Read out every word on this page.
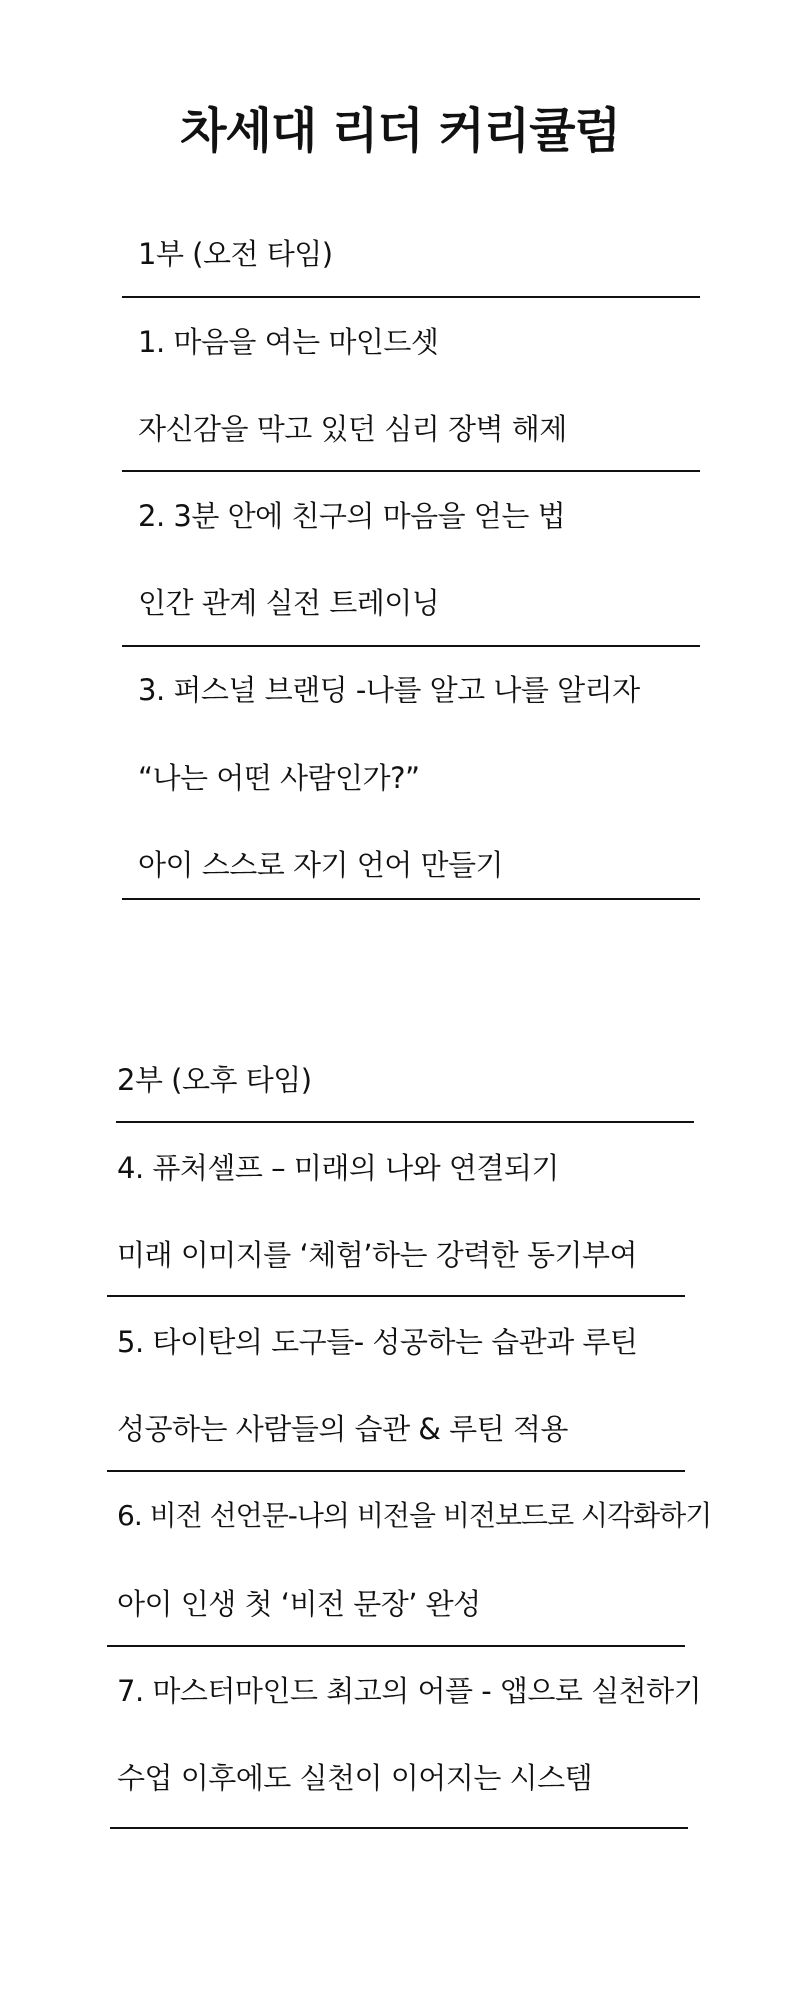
차세대 리더 커리큘럼

1부 (오전 타임)

1. 마음을 여는 마인드셋

자신감을 막고 있던 심리 장벽 해제

2. 3분 안에 친구의 마음을 얻는 법

인간 관계 실전 트레이닝

3. 퍼스널 브랜딩 -나를 알고 나를 알리자

“나는 어떤 사람인가?”

아이 스스로 자기 언어 만들기

2부 (오후 타임)

4. 퓨처셀프 – 미래의 나와 연결되기

미래 이미지를 ‘체험’하는 강력한 동기부여

5. 타이탄의 도구들- 성공하는 습관과 루틴

성공하는 사람들의 습관 & 루틴 적용

6. 비전 선언문-나의 비전을 비전보드로 시각화하기

아이 인생 첫 ‘비전 문장’ 완성

7. 마스터마인드 최고의 어플 - 앱으로 실천하기

수업 이후에도 실천이 이어지는 시스템
